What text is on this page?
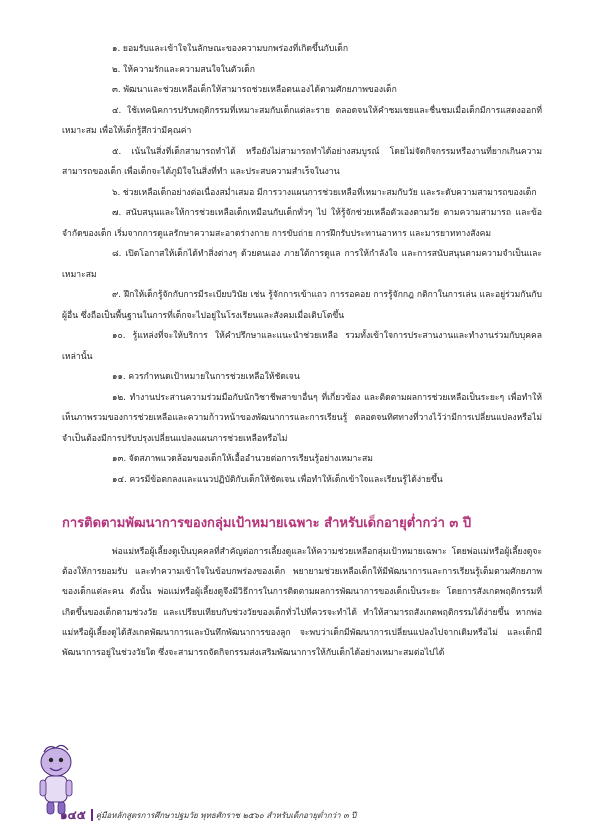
๑. ยอมรับและเข้าใจในลักษณะของความบกพร่องที่เกิดขึ้นกับเด็ก
๒. ให้ความรักและความสนใจในตัวเด็ก
๓. พัฒนาและช่วยเหลือเด็กให้สามารถช่วยเหลือตนเองได้ตามศักยภาพของเด็ก
๔. ใช้เทคนิคการปรับพฤติกรรมที่เหมาะสมกับเด็กแต่ละราย ตลอดจนให้คำชมเชยและชื่นชมเมื่อเด็กมีการแสดงออกที่เหมาะสม เพื่อให้เด็กรู้สึกว่ามีคุณค่า
๕. เน้นในสิ่งที่เด็กสามารถทำได้ หรือยังไม่สามารถทำได้อย่างสมบูรณ์ โดยไม่จัดกิจกรรมหรืองานที่ยากเกินความสามารถของเด็ก เพื่อเด็กจะได้ภูมิใจในสิ่งที่ทำ และประสบความสำเร็จในงาน
๖. ช่วยเหลือเด็กอย่างต่อเนื่องสม่ำเสมอ มีการวางแผนการช่วยเหลือที่เหมาะสมกับวัย และระดับความสามารถของเด็ก
๗. สนับสนุนและให้การช่วยเหลือเด็กเหมือนกับเด็กทั่วๆ ไป ให้รู้จักช่วยเหลือตัวเองตามวัย ตามความสามารถ และข้อจำกัดของเด็ก เริ่มจากการดูแลรักษาความสะอาดร่างกาย การขับถ่าย การฝึกรับประทานอาหาร และมารยาททางสังคม
๘. เปิดโอกาสให้เด็กได้ทำสิ่งต่างๆ ด้วยตนเอง ภายใต้การดูแล การให้กำลังใจ และการสนับสนุนตามความจำเป็นและเหมาะสม
๙. ฝึกให้เด็กรู้จักกับการมีระเบียบวินัย เช่น รู้จักการเข้าแถว การรอคอย การรู้จักกฎ กติกาในการเล่น และอยู่ร่วมกันกับผู้อื่น ซึ่งถือเป็นพื้นฐานในการที่เด็กจะไปอยู่ในโรงเรียนและสังคมเมื่อเติบโตขึ้น
๑๐. รู้แหล่งที่จะให้บริการ ให้คำปรึกษาและแนะนำช่วยเหลือ รวมทั้งเข้าใจการประสานงานและทำงานร่วมกับบุคคลเหล่านั้น
๑๑. ควรกำหนดเป้าหมายในการช่วยเหลือให้ชัดเจน
๑๒. ทำงานประสานความร่วมมือกับนักวิชาชีพสาขาอื่นๆ ที่เกี่ยวข้อง และติดตามผลการช่วยเหลือเป็นระยะๆ เพื่อทำให้เห็นภาพรวมของการช่วยเหลือและความก้าวหน้าของพัฒนาการและการเรียนรู้ ตลอดจนทิศทางที่วางไว้ว่ามีการเปลี่ยนแปลงหรือไม่ จำเป็นต้องมีการปรับปรุงเปลี่ยนแปลงแผนการช่วยเหลือหรือไม่
๑๓. จัดสภาพแวดล้อมของเด็กให้เอื้ออำนวยต่อการเรียนรู้อย่างเหมาะสม
๑๔. ควรมีข้อตกลงและแนวปฏิบัติกับเด็กให้ชัดเจน เพื่อทำให้เด็กเข้าใจและเรียนรู้ได้ง่ายขึ้น
การติดตามพัฒนาการของกลุ่มเป้าหมายเฉพาะ สำหรับเด็กอายุต่ำกว่า ๓ ปี
พ่อแม่หรือผู้เลี้ยงดูเป็นบุคคลที่สำคัญต่อการเลี้ยงดูและให้ความช่วยเหลือกลุ่มเป้าหมายเฉพาะ โดยพ่อแม่หรือผู้เลี้ยงดูจะต้องให้การยอมรับ และทำความเข้าใจในข้อบกพร่องของเด็ก พยายามช่วยเหลือเด็กให้มีพัฒนาการและการเรียนรู้เต็มตามศักยภาพของเด็กแต่ละคน ดังนั้น พ่อแม่หรือผู้เลี้ยงดูจึงมีวิธีการในการติดตามผลการพัฒนาการของเด็กเป็นระยะ โดยการสังเกตพฤติกรรมที่เกิดขึ้นของเด็กตามช่วงวัย และเปรียบเทียบกับช่วงวัยของเด็กทั่วไปที่ควรจะทำได้ ทำให้สามารถสังเกตพฤติกรรมได้ง่ายขึ้น หากพ่อแม่หรือผู้เลี้ยงดูได้สังเกตพัฒนาการและบันทึกพัฒนาการของลูก จะพบว่าเด็กมีพัฒนาการเปลี่ยนแปลงไปจากเดิมหรือไม่ และเด็กมีพัฒนาการอยู่ในช่วงวัยใด ซึ่งจะสามารถจัดกิจกรรมส่งเสริมพัฒนาการให้กับเด็กได้อย่างเหมาะสมต่อไปได้
๑๔๕ คู่มือหลักสูตรการศึกษาปฐมวัย พุทธศักราช ๒๕๖๐ สำหรับเด็กอายุต่ำกว่า ๓ ปี
